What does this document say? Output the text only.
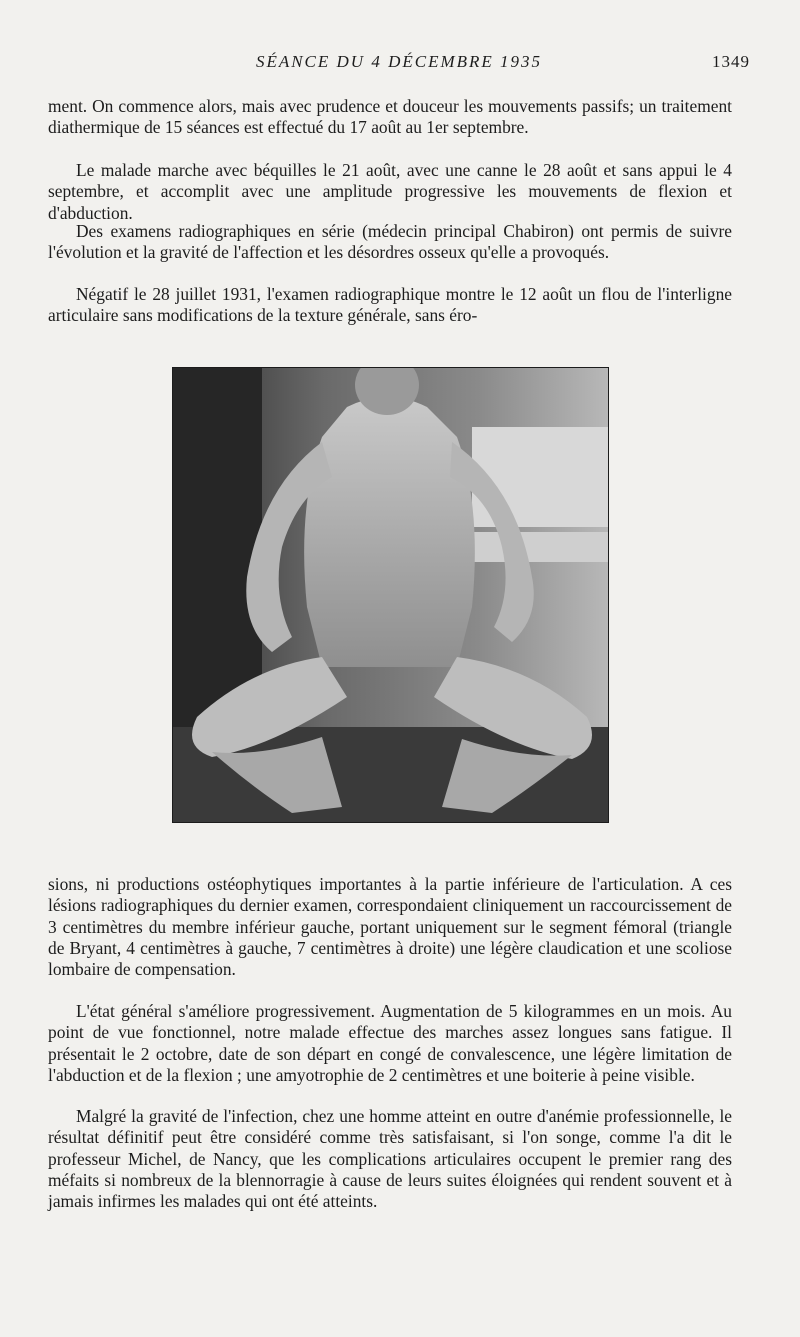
SÉANCE DU 4 DÉCEMBRE 1935	1349

ment. On commence alors, mais avec prudence et douceur les mouvements passifs; un traitement diathermique de 15 séances est effectué du 17 août au 1er septembre.

Le malade marche avec béquilles le 21 août, avec une canne le 28 août et sans appui le 4 septembre, et accomplit avec une amplitude progressive les mouvements de flexion et d'abduction.

Des examens radiographiques en série (médecin principal Chabiron) ont permis de suivre l'évolution et la gravité de l'affection et les désordres osseux qu'elle a provoqués.

Négatif le 28 juillet 1931, l'examen radiographique montre le 12 août un flou de l'interligne articulaire sans modifications de la texture générale, sans éro-

sions, ni productions ostéophytiques importantes à la partie inférieure de l'articulation. A ces lésions radiographiques du dernier examen, correspondaient cliniquement un raccourcissement de 3 centimètres du membre inférieur gauche, portant uniquement sur le segment fémoral (triangle de Bryant, 4 centimètres à gauche, 7 centimètres à droite) une légère claudication et une scoliose lombaire de compensation.

L'état général s'améliore progressivement. Augmentation de 5 kilogrammes en un mois. Au point de vue fonctionnel, notre malade effectue des marches assez longues sans fatigue. Il présentait le 2 octobre, date de son départ en congé de convalescence, une légère limitation de l'abduction et de la flexion ; une amyotrophie de 2 centimètres et une boiterie à peine visible.

Malgré la gravité de l'infection, chez une homme atteint en outre d'anémie professionnelle, le résultat définitif peut être considéré comme très satisfaisant, si l'on songe, comme l'a dit le professeur Michel, de Nancy, que les complications articulaires occupent le premier rang des méfaits si nombreux de la blennorragie à cause de leurs suites éloignées qui rendent souvent et à jamais infirmes les malades qui ont été atteints.
